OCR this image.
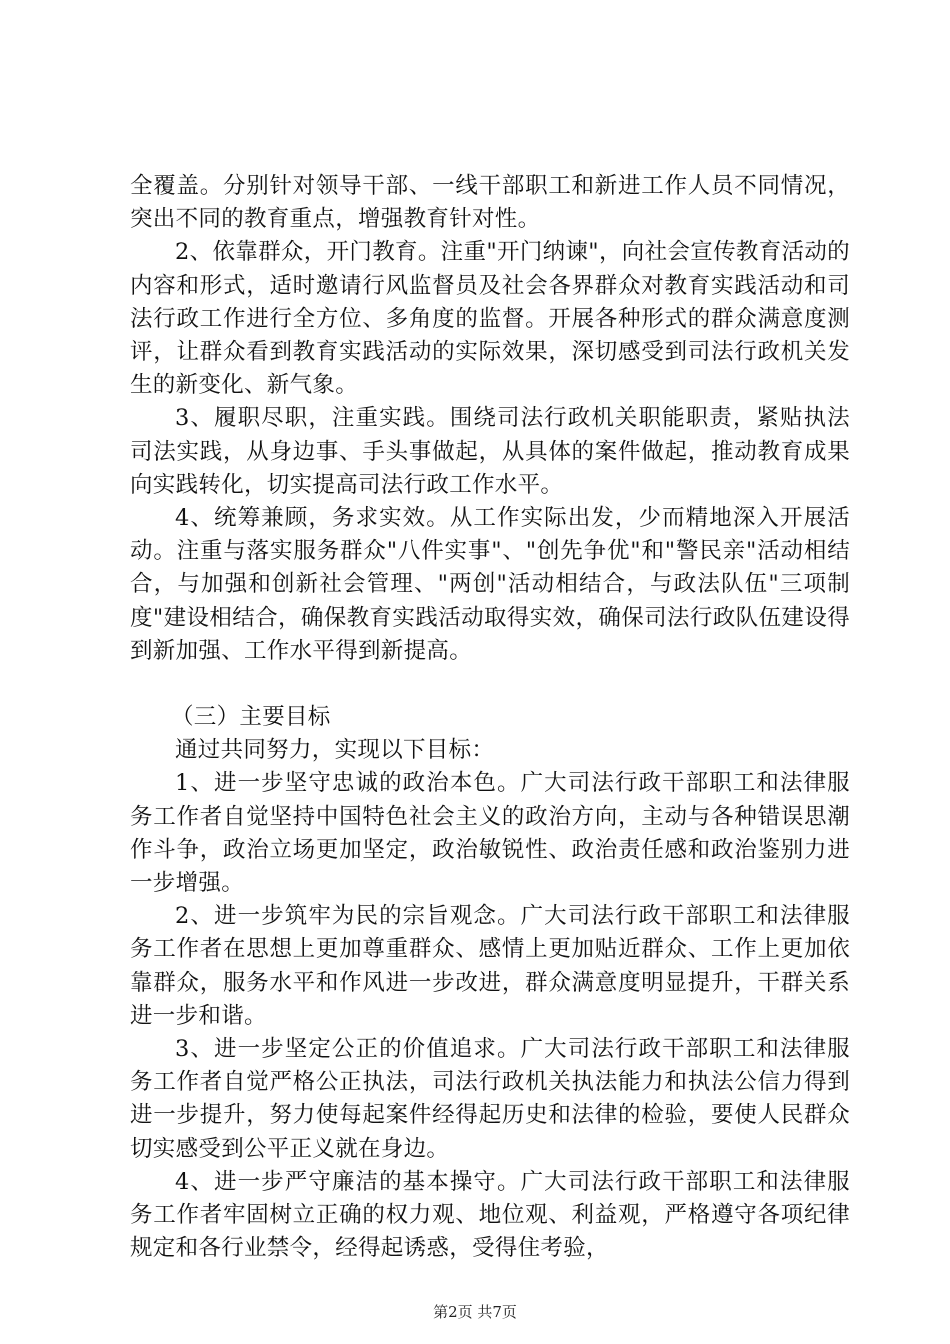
全覆盖。分别针对领导干部、一线干部职工和新进工作人员不同情况，突出不同的教育重点，增强教育针对性。

2、依靠群众，开门教育。注重"开门纳谏"，向社会宣传教育活动的内容和形式，适时邀请行风监督员及社会各界群众对教育实践活动和司法行政工作进行全方位、多角度的监督。开展各种形式的群众满意度测评，让群众看到教育实践活动的实际效果，深切感受到司法行政机关发生的新变化、新气象。

3、履职尽职，注重实践。围绕司法行政机关职能职责，紧贴执法司法实践，从身边事、手头事做起，从具体的案件做起，推动教育成果向实践转化，切实提高司法行政工作水平。

4、统筹兼顾，务求实效。从工作实际出发，少而精地深入开展活动。注重与落实服务群众"八件实事"、"创先争优"和"警民亲"活动相结合，与加强和创新社会管理、"两创"活动相结合，与政法队伍"三项制度"建设相结合，确保教育实践活动取得实效，确保司法行政队伍建设得到新加强、工作水平得到新提高。

（三）主要目标

通过共同努力，实现以下目标：

1、进一步坚守忠诚的政治本色。广大司法行政干部职工和法律服务工作者自觉坚持中国特色社会主义的政治方向，主动与各种错误思潮作斗争，政治立场更加坚定，政治敏锐性、政治责任感和政治鉴别力进一步增强。

2、进一步筑牢为民的宗旨观念。广大司法行政干部职工和法律服务工作者在思想上更加尊重群众、感情上更加贴近群众、工作上更加依靠群众，服务水平和作风进一步改进，群众满意度明显提升，干群关系进一步和谐。

3、进一步坚定公正的价值追求。广大司法行政干部职工和法律服务工作者自觉严格公正执法，司法行政机关执法能力和执法公信力得到进一步提升，努力使每起案件经得起历史和法律的检验，要使人民群众切实感受到公平正义就在身边。

4、进一步严守廉洁的基本操守。广大司法行政干部职工和法律服务工作者牢固树立正确的权力观、地位观、利益观，严格遵守各项纪律规定和各行业禁令，经得起诱惑，受得住考验，

第2页 共7页
